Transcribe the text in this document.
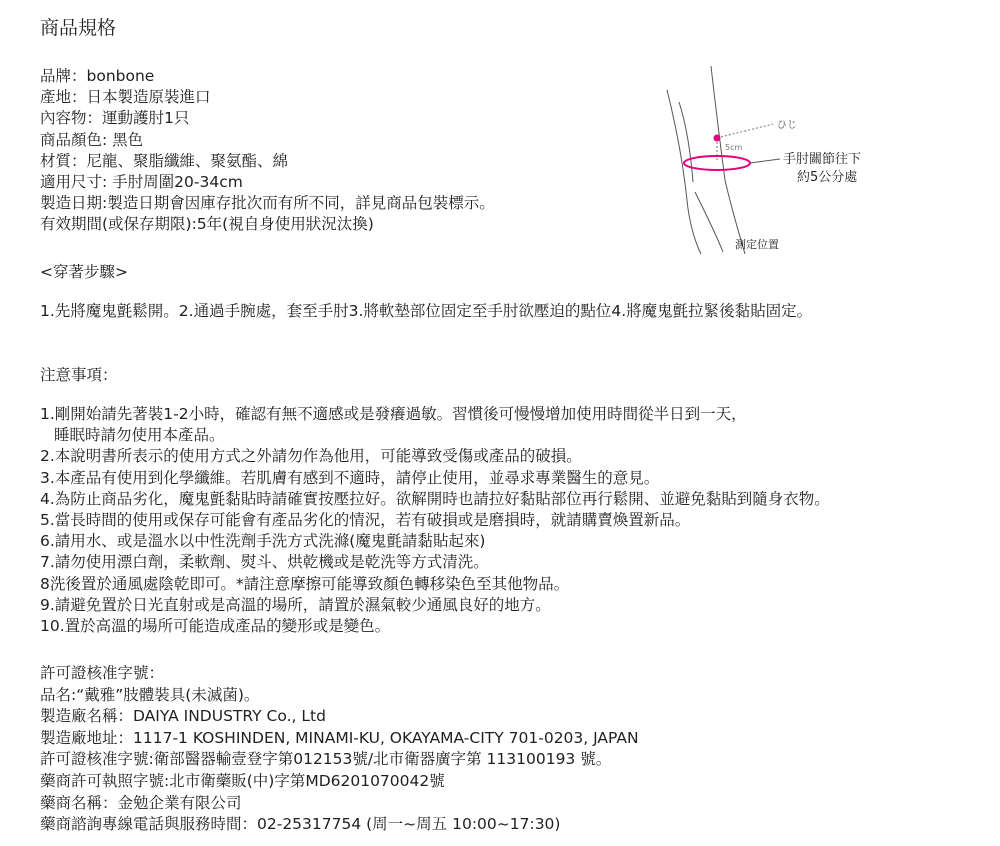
商品規格

品牌：bonbone

產地：日本製造原裝進口

內容物：運動護肘1只

商品顏色: 黑色

材質：尼龍、聚脂纖維、聚氨酯、綿

適用尺寸: 手肘周圍20-34cm

製造日期:製造日期會因庫存批次而有所不同，詳見商品包裝標示。

有效期間(或保存期限):5年(視自身使用狀況汰換)

ひじ
5cm
手肘關節往下
約5公分處
測定位置
<穿著步驟>
1.先將魔鬼氈鬆開。2.通過手腕處，套至手肘3.將軟墊部位固定至手肘欲壓迫的點位4.將魔鬼氈拉緊後黏貼固定。
注意事項：

1.剛開始請先著裝1-2小時，確認有無不適感或是發癢過敏。習慣後可慢慢增加使用時間從半日到一天，

睡眠時請勿使用本產品。

2.本說明書所表示的使用方式之外請勿作為他用，可能導致受傷或產品的破損。

3.本產品有使用到化學纖維。若肌膚有感到不適時，請停止使用，並尋求專業醫生的意見。

4.為防止商品劣化，魔鬼氈黏貼時請確實按壓拉好。欲解開時也請拉好黏貼部位再行鬆開、並避免黏貼到隨身衣物。

5.當長時間的使用或保存可能會有產品劣化的情況，若有破損或是磨損時，就請購賣煥置新品。

6.請用水、或是溫水以中性洗劑手洗方式洗滌(魔鬼氈請黏貼起來)

7.請勿使用漂白劑，柔軟劑、熨斗、烘乾機或是乾洗等方式清洗。

8洗後置於通風處陰乾即可。*請注意摩擦可能導致顏色轉移染色至其他物品。

9.請避免置於日光直射或是高溫的場所，請置於濕氣較少通風良好的地方。

10.置於高溫的場所可能造成產品的變形或是變色。

許可證核准字號：

品名:“戴雅”肢體裝具(未滅菌)。

製造廠名稱：DAIYA INDUSTRY Co., Ltd

製造廠地址：1117-1 KOSHINDEN, MINAMI-KU, OKAYAMA-CITY 701-0203, JAPAN

許可證核准字號:衛部醫器輸壹登字第012153號/北市衛器廣字第 113100193 號。

藥商許可執照字號:北市衛藥販(中)字第MD6201070042號

藥商名稱：金勉企業有限公司

藥商諮詢專線電話與服務時間：02-25317754 (周一~周五 10:00~17:30)
